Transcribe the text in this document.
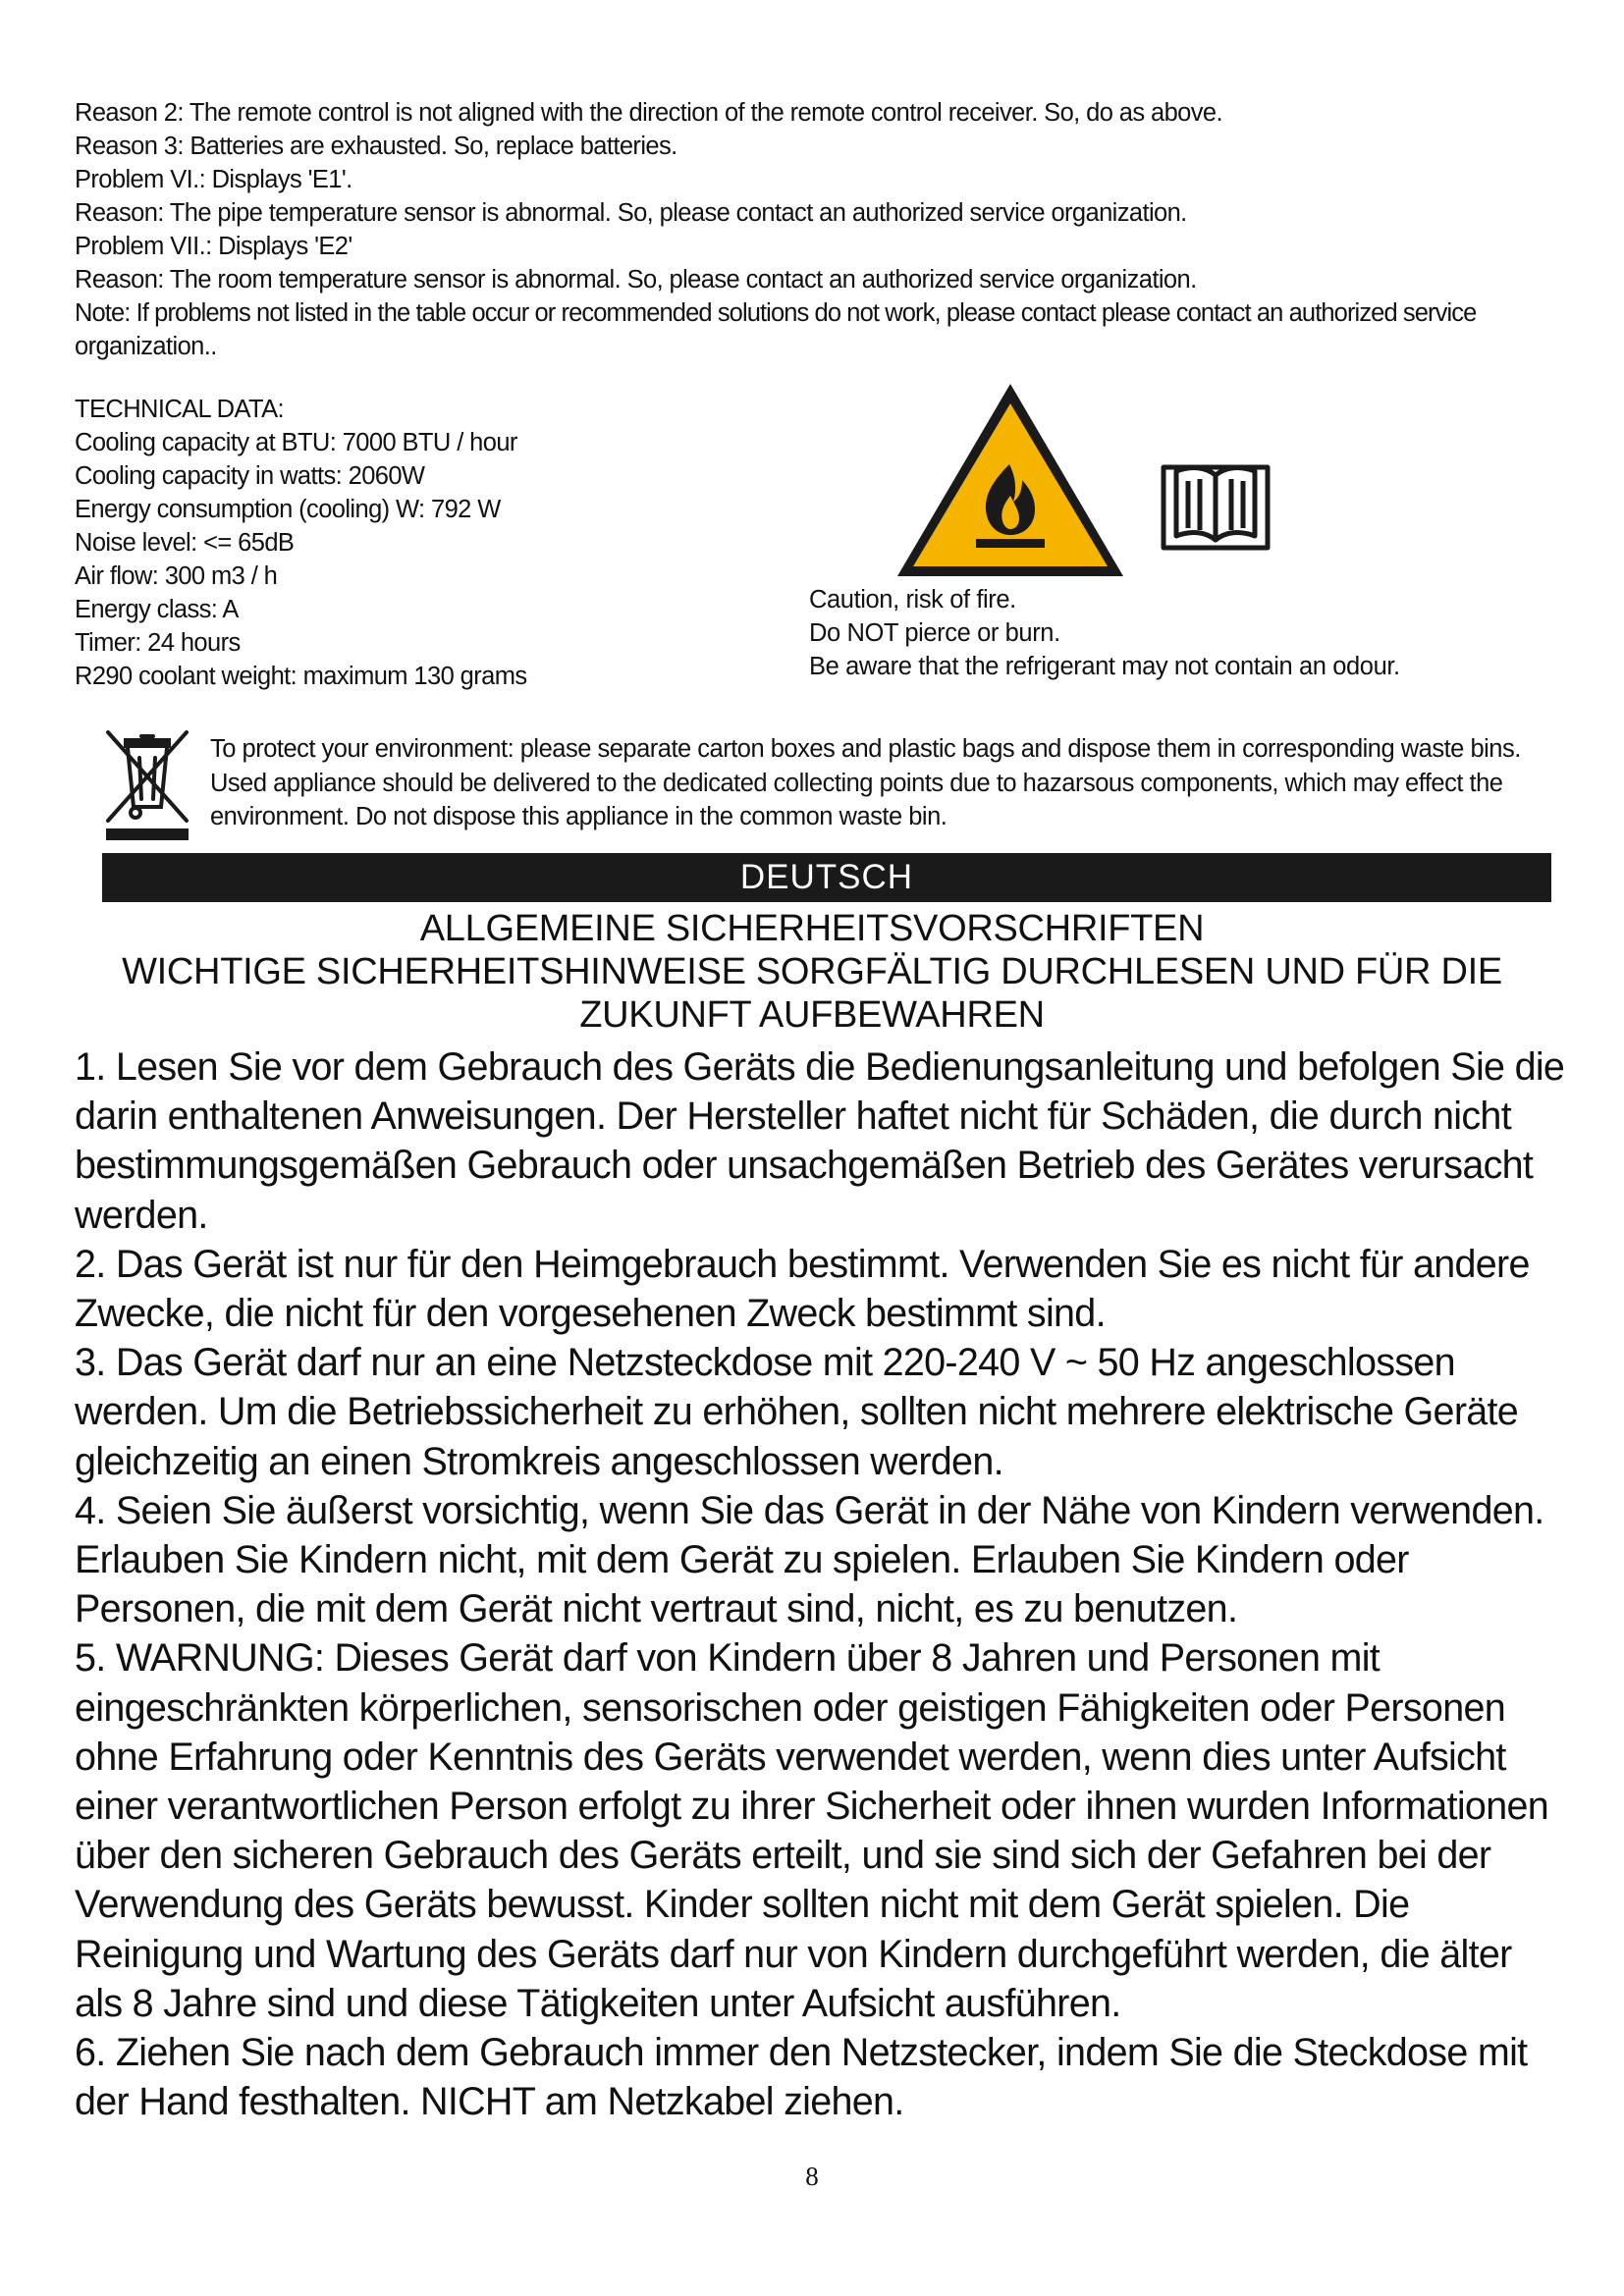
Reason 2: The remote control is not aligned with the direction of the remote control receiver. So, do as above.
Reason 3: Batteries are exhausted. So, replace batteries.
Problem VI.: Displays 'E1'.
Reason: The pipe temperature sensor is abnormal. So, please contact an authorized service organization.
Problem VII.: Displays 'E2'
Reason: The room temperature sensor is abnormal. So, please contact an authorized service organization.
Note: If problems not listed in the table occur or recommended solutions do not work, please contact please contact an authorized service
organization..
TECHNICAL DATA:
Cooling capacity at BTU: 7000 BTU / hour
Cooling capacity in watts: 2060W
Energy consumption (cooling) W: 792 W
Noise level: <= 65dB
Air flow: 300 m3 / h
Energy class: A
Timer: 24 hours
R290 coolant weight: maximum 130 grams
Caution, risk of fire.
Do NOT pierce or burn.
Be aware that the refrigerant may not contain an odour.
To protect your environment: please separate carton boxes and plastic bags and dispose them in corresponding waste bins. Used appliance should be delivered to the dedicated collecting points due to hazarsous components, which may effect the environment. Do not dispose this appliance in the common waste bin.
DEUTSCH
ALLGEMEINE SICHERHEITSVORSCHRIFTEN
WICHTIGE SICHERHEITSHINWEISE SORGFÄLTIG DURCHLESEN UND FÜR DIE
ZUKUNFT AUFBEWAHREN
1. Lesen Sie vor dem Gebrauch des Geräts die Bedienungsanleitung und befolgen Sie die darin enthaltenen Anweisungen. Der Hersteller haftet nicht für Schäden, die durch nicht bestimmungsgemäßen Gebrauch oder unsachgemäßen Betrieb des Gerätes verursacht werden.
2. Das Gerät ist nur für den Heimgebrauch bestimmt. Verwenden Sie es nicht für andere Zwecke, die nicht für den vorgesehenen Zweck bestimmt sind.
3. Das Gerät darf nur an eine Netzsteckdose mit 220-240 V ~ 50 Hz angeschlossen werden. Um die Betriebssicherheit zu erhöhen, sollten nicht mehrere elektrische Geräte gleichzeitig an einen Stromkreis angeschlossen werden.
4. Seien Sie äußerst vorsichtig, wenn Sie das Gerät in der Nähe von Kindern verwenden. Erlauben Sie Kindern nicht, mit dem Gerät zu spielen. Erlauben Sie Kindern oder Personen, die mit dem Gerät nicht vertraut sind, nicht, es zu benutzen.
5. WARNUNG: Dieses Gerät darf von Kindern über 8 Jahren und Personen mit eingeschränkten körperlichen, sensorischen oder geistigen Fähigkeiten oder Personen ohne Erfahrung oder Kenntnis des Geräts verwendet werden, wenn dies unter Aufsicht einer verantwortlichen Person erfolgt zu ihrer Sicherheit oder ihnen wurden Informationen über den sicheren Gebrauch des Geräts erteilt, und sie sind sich der Gefahren bei der Verwendung des Geräts bewusst. Kinder sollten nicht mit dem Gerät spielen. Die Reinigung und Wartung des Geräts darf nur von Kindern durchgeführt werden, die älter als 8 Jahre sind und diese Tätigkeiten unter Aufsicht ausführen.
6. Ziehen Sie nach dem Gebrauch immer den Netzstecker, indem Sie die Steckdose mit der Hand festhalten. NICHT am Netzkabel ziehen.
8
